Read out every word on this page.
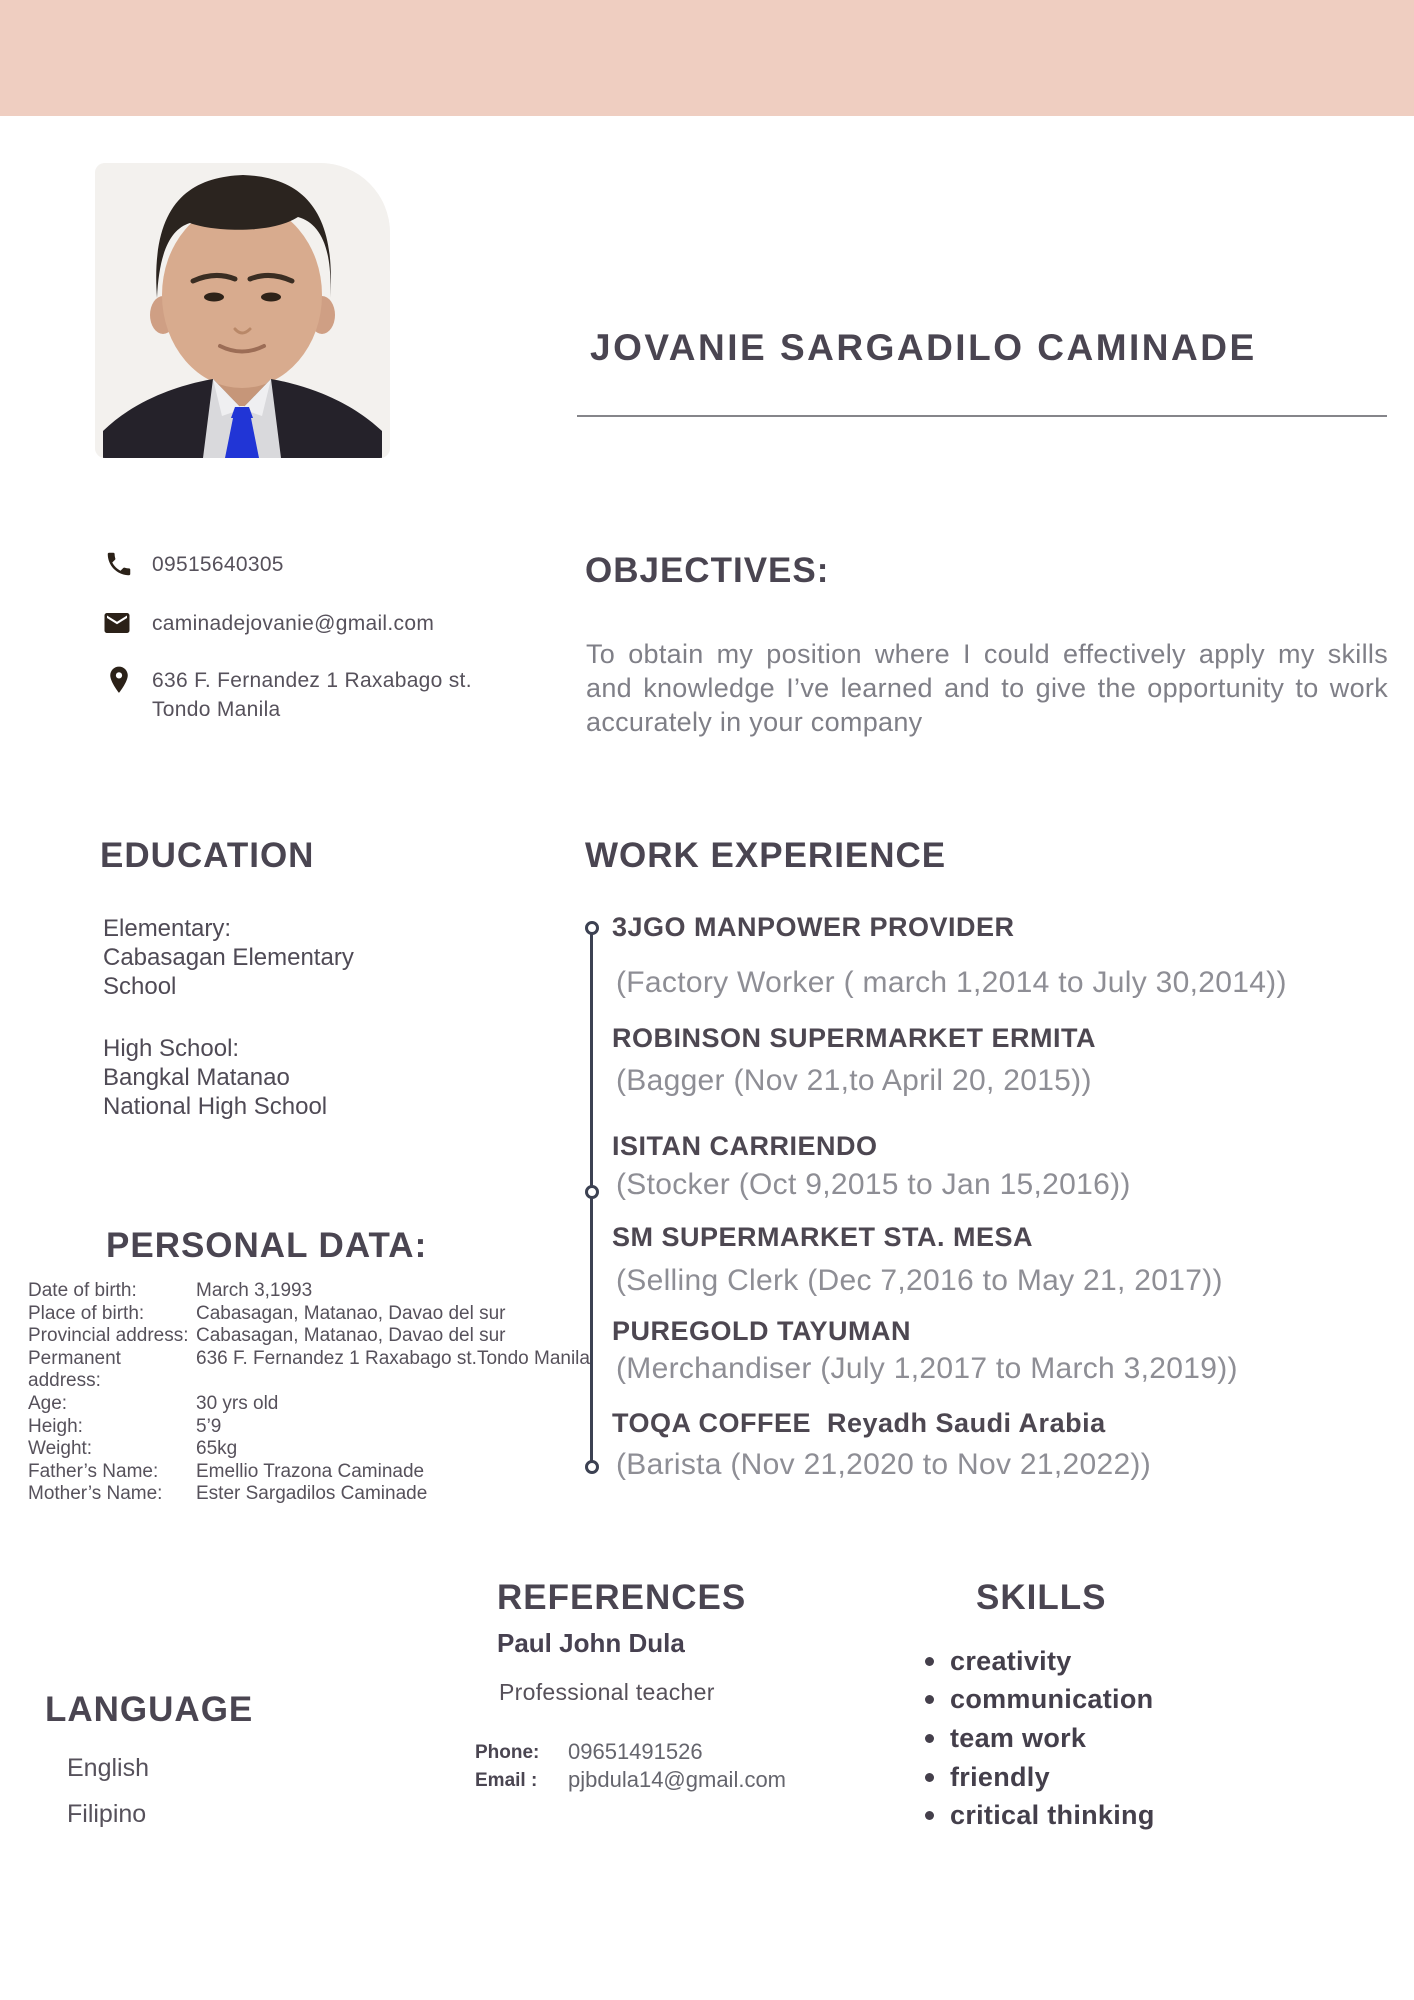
JOVANIE SARGADILO CAMINADE
09515640305
caminadejovanie@gmail.com
636 F. Fernandez 1 Raxabago st.
Tondo Manila
OBJECTIVES:
To obtain my position where I could effectively apply my skills and knowledge I’ve learned and to give the opportunity to work accurately in your company
EDUCATION
Elementary:
Cabasagan Elementary
School
High School:
Bangkal Matanao
National High School
WORK EXPERIENCE
3JGO MANPOWER PROVIDER
(Factory Worker ( march 1,2014 to July 30,2014))
ROBINSON SUPERMARKET ERMITA
(Bagger (Nov 21,to April 20, 2015))
ISITAN CARRIENDO
(Stocker (Oct 9,2015 to Jan 15,2016))
SM SUPERMARKET STA. MESA
(Selling Clerk (Dec 7,2016 to May 21, 2017))
PUREGOLD TAYUMAN
(Merchandiser (July 1,2017 to March 3,2019))
TOQA COFFEE  Reyadh Saudi Arabia
(Barista (Nov 21,2020 to Nov 21,2022))
PERSONAL DATA:
Date of birth:	March 3,1993
Place of birth:	Cabasagan, Matanao, Davao del sur
Provincial address: Cabasagan, Matanao, Davao del sur
Permanent address:
636 F. Fernandez 1 Raxabago st.Tondo Manila
Age:	30 yrs old
Heigh:	5’9
Weight:	65kg
Father’s Name:	Emellio Trazona Caminade
Mother’s Name:	Ester Sargadilos Caminade
REFERENCES
Paul John Dula
Professional teacher
Phone: 09651491526
Email : pjbdula14@gmail.com
SKILLS
creativity
communication
team work
friendly
critical thinking
LANGUAGE
English
Filipino
